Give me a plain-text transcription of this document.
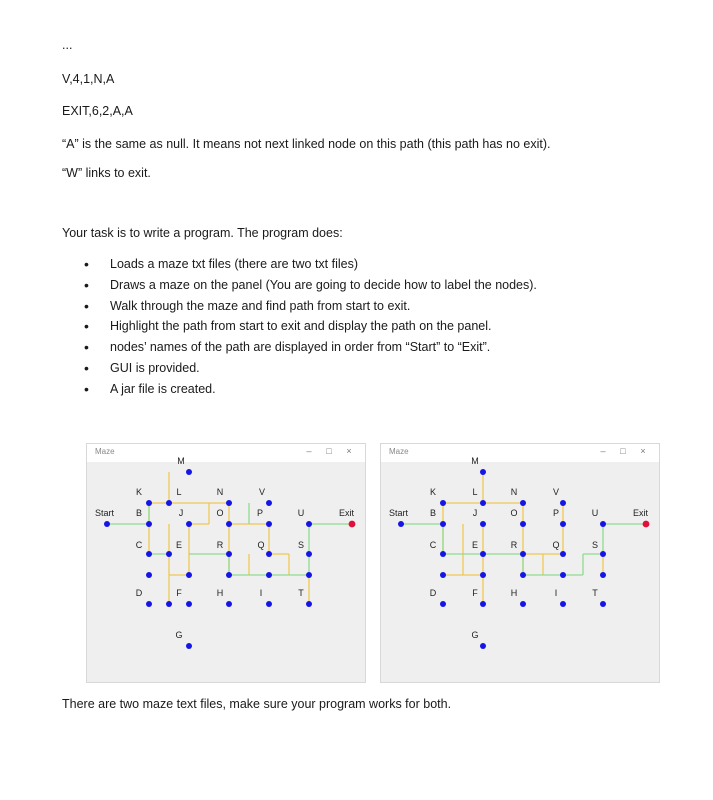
...
V,4,1,N,A
EXIT,6,2,A,A
“A” is the same as null. It means not next linked node on this path (this path has no exit).
“W” links to exit.
Your task is to write a program. The program does:
• Loads a maze txt files (there are two txt files)
• Draws a maze on the panel (You are going to decide how to label the nodes).
• Walk through the maze and find path from start to exit.
• Highlight the path from start to exit and display the path on the panel.
• nodes’ names of the path are displayed in order from “Start” to “Exit”.
• GUI is provided.
• A jar file is created.
Maze	– □ ×
M
K	L	N	V
Start B	J	O	P	U	Exit
C	E	R	Q	S
D	F	H	I	T
G
Maze	– □ ×
M
K	L	N	V
Start B	J	O	P	U	Exit
C	E	R	Q	S
D	F	H	I	T
G
There are two maze text files, make sure your program works for both.
